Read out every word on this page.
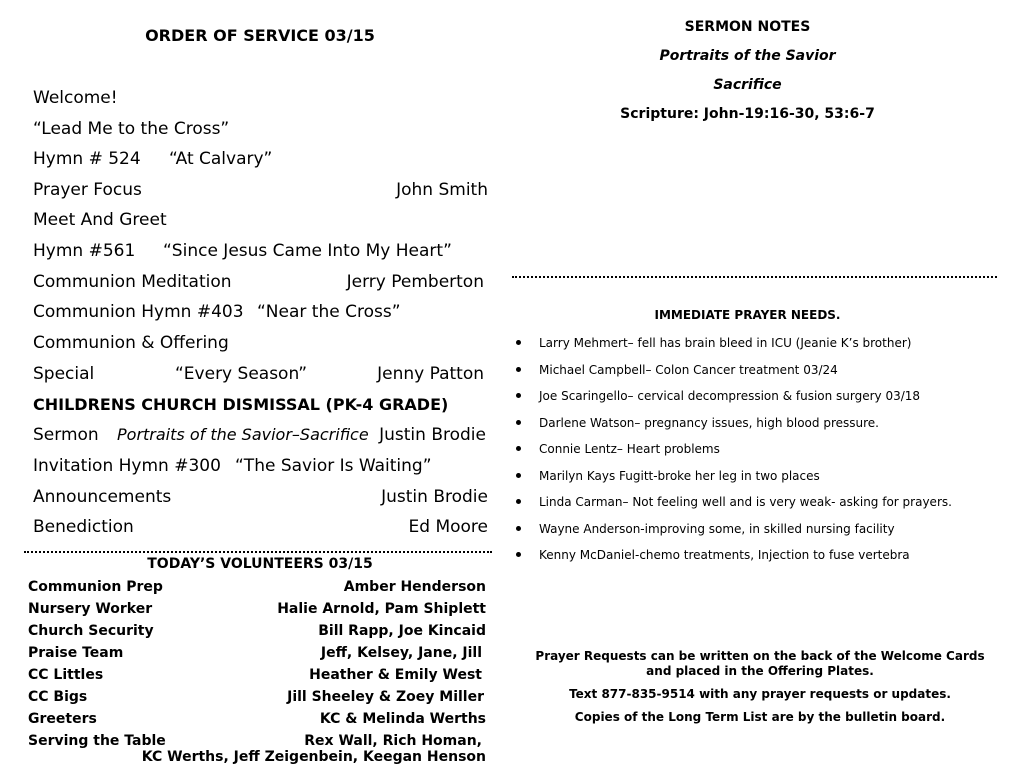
ORDER OF SERVICE 03/15
Welcome!
“Lead Me to the Cross”
Hymn # 524 “At Calvary”
Prayer Focus	John Smith
Meet And Greet
Hymn #561 “Since Jesus Came Into My Heart”
Communion Meditation	Jerry Pemberton
Communion Hymn #403 “Near the Cross”
Communion & Offering
Special	“Every Season”	Jenny Patton
CHILDRENS CHURCH DISMISSAL (PK-4 GRADE)
Sermon Portraits of the Savior–Sacrifice Justin Brodie
Invitation Hymn #300 “The Savior Is Waiting”
Announcements	Justin Brodie
Benediction	Ed Moore
TODAY’S VOLUNTEERS 03/15
Communion Prep	Amber Henderson
Nursery Worker	Halie Arnold, Pam Shiplett
Church Security	Bill Rapp, Joe Kincaid
Praise Team	Jeff, Kelsey, Jane, Jill
CC Littles	Heather & Emily West
CC Bigs	Jill Sheeley & Zoey Miller
Greeters	KC & Melinda Werths
Serving the Table	Rex Wall, Rich Homan,
KC Werths, Jeff Zeigenbein, Keegan Henson
SERMON NOTES
Portraits of the Savior
Sacrifice
Scripture: John-19:16-30, 53:6-7
IMMEDIATE PRAYER NEEDS.
Larry Mehmert– fell has brain bleed in ICU (Jeanie K’s brother)
Michael Campbell– Colon Cancer treatment 03/24
Joe Scaringello– cervical decompression & fusion surgery 03/18
Darlene Watson– pregnancy issues, high blood pressure.
Connie Lentz– Heart problems
Marilyn Kays Fugitt-broke her leg in two places
Linda Carman– Not feeling well and is very weak- asking for prayers.
Wayne Anderson-improving some, in skilled nursing facility
Kenny McDaniel-chemo treatments, Injection to fuse vertebra
Prayer Requests can be written on the back of the Welcome Cards
and placed in the Offering Plates.
Text 877-835-9514 with any prayer requests or updates.
Copies of the Long Term List are by the bulletin board.
